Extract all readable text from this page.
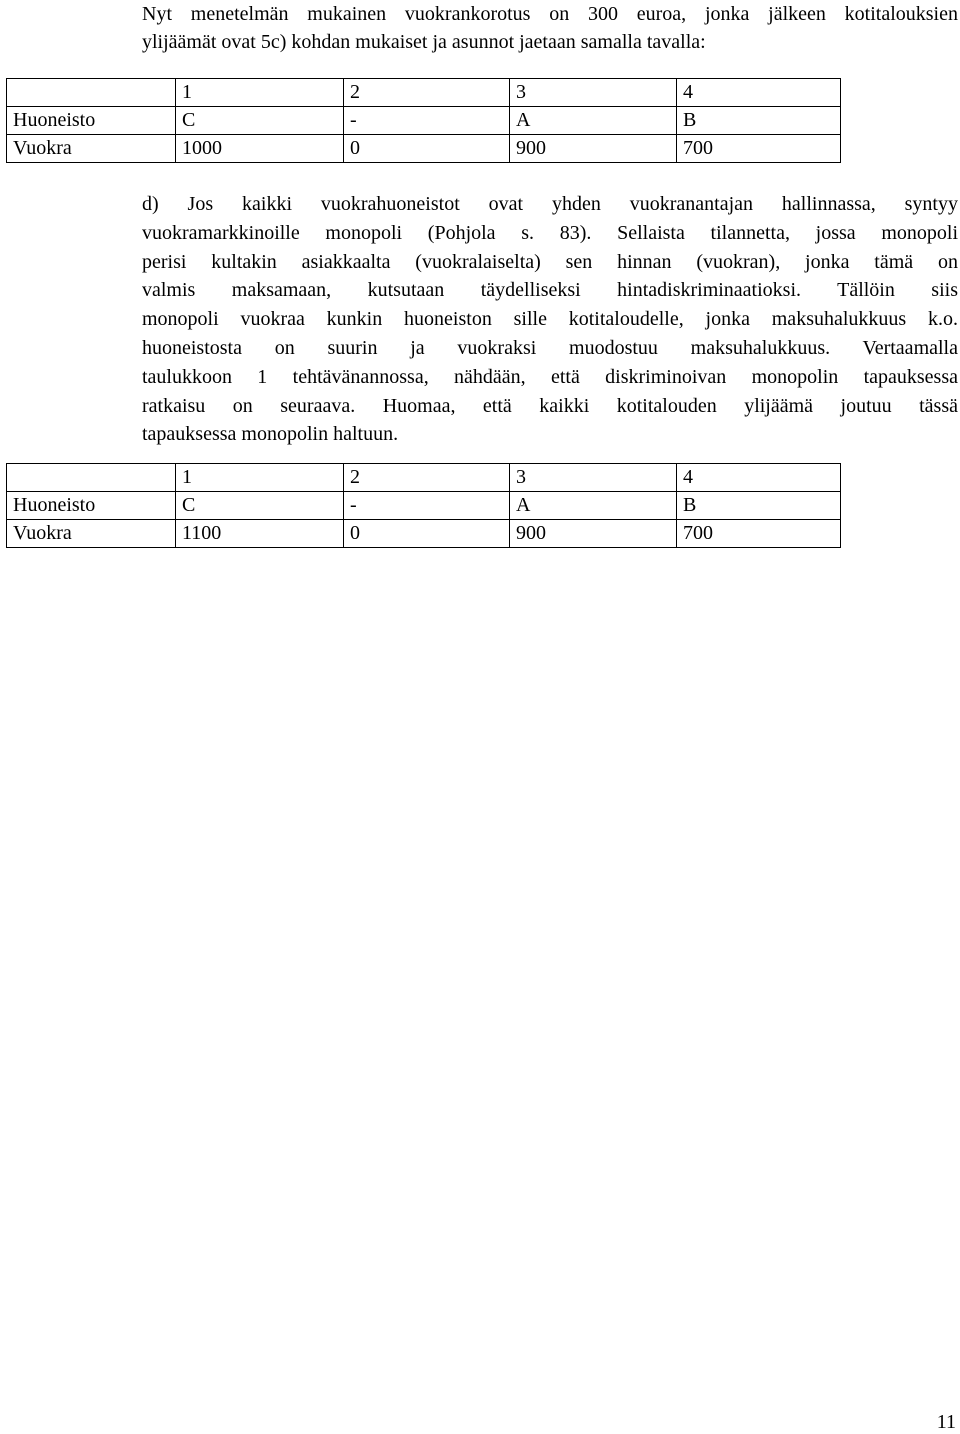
Nyt menetelmän mukainen vuokrankorotus on 300 euroa, jonka jälkeen kotitalouksien
ylijäämät ovat 5c) kohdan mukaiset ja asunnot jaetaan samalla tavalla:
	1	2	3	4
Huoneisto	C	-	A	B
Vuokra	1000	0	900	700
d) Jos kaikki vuokrahuoneistot ovat yhden vuokranantajan hallinnassa, syntyy
vuokramarkkinoille monopoli (Pohjola s. 83). Sellaista tilannetta, jossa monopoli
perisi kultakin asiakkaalta (vuokralaiselta) sen hinnan (vuokran), jonka tämä on
valmis maksamaan, kutsutaan täydelliseksi hintadiskriminaatioksi. Tällöin siis
monopoli vuokraa kunkin huoneiston sille kotitaloudelle, jonka maksuhalukkuus k.o.
huoneistosta on suurin ja vuokraksi muodostuu maksuhalukkuus. Vertaamalla
taulukkoon 1 tehtävänannossa, nähdään, että diskriminoivan monopolin tapauksessa
ratkaisu on seuraava. Huomaa, että kaikki kotitalouden ylijäämä joutuu tässä
tapauksessa monopolin haltuun.
	1	2	3	4
Huoneisto	C	-	A	B
Vuokra	1100	0	900	700
11
